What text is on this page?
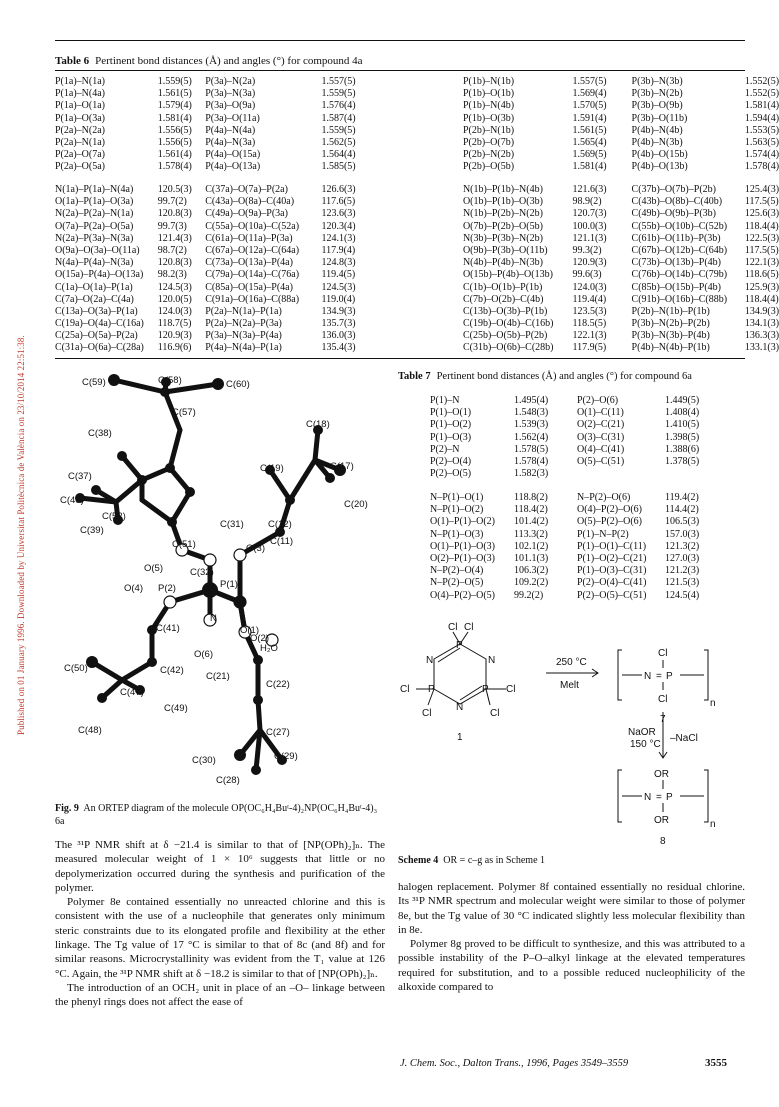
Published on 01 January 1996. Downloaded by Universitat Politècnica de València on 23/10/2014 22:51:38.
Table 6 Pertinent bond distances (Å) and angles (°) for compound 4a
P(1a)–N(1a)	1.559(5) P(3a)–N(2a)	1.557(5)	P(1b)–N(1b)	1.557(5) P(3b)–N(3b)	1.552(5)
P(1a)–N(4a)	1.561(5) P(3a)–N(3a)	1.559(5)	P(1b)–O(1b)	1.569(4) P(3b)–N(2b)	1.552(5)
P(1a)–O(1a)	1.579(4) P(3a)–O(9a)	1.576(4)	P(1b)–N(4b)	1.570(5) P(3b)–O(9b)	1.581(4)
P(1a)–O(3a)	1.581(4) P(3a)–O(11a)	1.587(4)	P(1b)–O(3b)	1.591(4) P(3b)–O(11b)	1.594(4)
P(2a)–N(2a)	1.556(5) P(4a)–N(4a)	1.559(5)	P(2b)–N(1b)	1.561(5) P(4b)–N(4b)	1.553(5)
P(2a)–N(1a)	1.556(5) P(4a)–N(3a)	1.562(5)	P(2b)–O(7b)	1.565(4) P(4b)–N(3b)	1.563(5)
P(2a)–O(7a)	1.561(4) P(4a)–O(15a)	1.564(4)	P(2b)–N(2b)	1.569(5) P(4b)–O(15b)	1.574(4)
P(2a)–O(5a)	1.578(4) P(4a)–O(13a)	1.585(5)	P(2b)–O(5b)	1.581(4) P(4b)–O(13b)	1.578(4)
N(1a)–P(1a)–N(4a) 120.5(3) C(37a)–O(7a)–P(2a)	126.6(3)	N(1b)–P(1b)–N(4b)	121.6(3) C(37b)–O(7b)–P(2b)	125.4(3)
O(1a)–P(1a)–O(3a) 99.7(2) C(43a)–O(8a)–C(40a)	117.6(5)	O(1b)–P(1b)–O(3b)	98.9(2)	C(43b)–O(8b)–C(40b) 117.5(5)
N(2a)–P(2a)–N(1a) 120.8(3) C(49a)–O(9a)–P(3a)	123.6(3)	N(1b)–P(2b)–N(2b)	120.7(3) C(49b)–O(9b)–P(3b)	125.6(3)
O(7a)–P(2a)–O(5a) 99.7(3) C(55a)–O(10a)–C(52a) 120.3(4)	O(7b)–P(2b)–O(5b)	100.0(3) C(55b)–O(10b)–C(52b) 118.4(4)
N(2a)–P(3a)–N(3a) 121.4(3) C(61a)–O(11a)–P(3a)	124.1(3)	N(3b)–P(3b)–N(2b)	121.1(3) C(61b)–O(11b)–P(3b) 122.5(3)
O(9a)–O(3a)–O(11a) 98.7(2) C(67a)–O(12a)–C(64a) 117.9(4)	O(9b)–P(3b)–O(11b) 99.3(2)	C(67b)–O(12b)–C(64b) 117.5(5)
N(4a)–P(4a)–N(3a) 120.8(3) C(73a)–O(13a)–P(4a)	124.8(3)	N(4b)–P(4b)–N(3b)	120.9(3) C(73b)–O(13b)–P(4b) 122.1(3)
O(15a)–P(4a)–O(13a) 98.2(3) C(79a)–O(14a)–C(76a) 119.4(5)	O(15b)–P(4b)–O(13b) 99.6(3)	C(76b)–O(14b)–C(79b) 118.6(5)
C(1a)–O(1a)–P(1a) 124.5(3) C(85a)–O(15a)–P(4a)	124.5(3)	C(1b)–O(1b)–P(1b)	124.0(3) C(85b)–O(15b)–P(4b) 125.9(3)
C(7a)–O(2a)–C(4a) 120.0(5) C(91a)–O(16a)–C(88a) 119.0(4)	C(7b)–O(2b)–C(4b)	119.4(4)	C(91b)–O(16b)–C(88b) 118.4(4)
C(13a)–O(3a)–P(1a) 124.0(3) P(2a)–N(1a)–P(1a)	134.9(3)	C(13b)–O(3b)–P(1b)	123.5(3) P(2b)–N(1b)–P(1b)	134.9(3)
C(19a)–O(4a)–C(16a) 118.7(5) P(2a)–N(2a)–P(3a)	135.7(3)	C(19b)–O(4b)–C(16b) 118.5(5)	P(3b)–N(2b)–P(2b)	134.1(3)
C(25a)–O(5a)–P(2a) 120.9(3) P(3a)–N(3a)–P(4a)	136.0(3)	C(25b)–O(5b)–P(2b)	122.1(3) P(3b)–N(3b)–P(4b)	136.3(3)
C(31a)–O(6a)–C(28a) 116.9(6) P(4a)–N(4a)–P(1a)	135.4(3)	C(31b)–O(6b)–C(28b) 117.9(5)	P(4b)–N(4b)–P(1b)	133.1(3)
C(59)	C(58)	C(60)
C(57)
C(38)
C(18)
C(19)	C(17)
C(37)
C(40)
C(52)
C(20)
C(39)
C(31)	C(12)
C(51)	C(11)
O(3)
O(5)	C(32)
P(1)
O(4) P(2)
N
O(1)
C(41)
O(2)
O(6)
H₂O
C(50)	C(42)
C(21)
C(22)
C(47)
C(49)
C(48)	C(27)
C(30)	C(29)
C(28)
Table 7 Pertinent bond distances (Å) and angles (°) for compound 6a
P(1)–N	1.495(4)	P(2)–O(6)	1.449(5)
P(1)–O(1)	1.548(3)	O(1)–C(11)	1.408(4)
P(1)–O(2)	1.539(3)	O(2)–C(21)	1.410(5)
P(1)–O(3)	1.562(4)	O(3)–C(31)	1.398(5)
P(2)–N	1.578(5)	O(4)–C(41)	1.388(6)
P(2)–O(4)	1.578(4)	O(5)–C(51)	1.378(5)
P(2)–O(5)	1.582(3)
N–P(1)–O(1)	118.8(2)	N–P(2)–O(6)	119.4(2)
N–P(1)–O(2)	118.4(2)	O(4)–P(2)–O(6) 114.4(2)
O(1)–P(1)–O(2) 101.4(2)	O(5)–P(2)–O(6) 106.5(3)
N–P(1)–O(3)	113.3(2)	P(1)–N–P(2)	157.0(3)
O(1)–P(1)–O(3) 102.1(2)	P(1)–O(1)–C(11) 121.3(2)
O(2)–P(1)–O(3) 101.1(3)	P(1)–O(2)–C(21) 127.0(3)
N–P(2)–O(4)	106.3(2)	P(1)–O(3)–C(31) 121.2(3)
N–P(2)–O(5)	109.2(2)	P(2)–O(4)–C(41) 121.5(3)
O(4)–P(2)–O(5) 99.2(2)	P(2)–O(5)–C(51) 124.5(4)
Cl Cl
P
N	N
Cl P	P Cl
N
Cl	Cl
1
250 °C
Melt
Cl
N = P
Cl	n
7
NaOR
150 °C
–NaCl
OR
N = P
OR	n
8
Scheme 4 OR = c–g as in Scheme 1
Fig. 9 An ORTEP diagram of the molecule OP(OC₆H₄Buᵗ-4)₂NP(OC₆H₄Buᵗ-4)₃ 6a

The ³¹P NMR shift at δ −21.4 is similar to that of [NP(OPh)₂]ₙ. The measured molecular weight of 1 × 10⁶ suggests that little or no depolymerization occurred during the synthesis and purification of the polymer.

Polymer 8e contained essentially no unreacted chlorine and this is consistent with the use of a nucleophile that generates only minimum steric constraints due to its elongated profile and flexibility at the ether linkage. The Tg value of 17 °C is similar to that of 8c (and 8f) and for similar reasons. Microcrystallinity was evident from the T₁ value at 126 °C. Again, the ³¹P NMR shift at δ −18.2 is similar to that of [NP(OPh)₂]ₙ.

The introduction of an OCH₂ unit in place of an –O– linkage between the phenyl rings does not affect the ease of

halogen replacement. Polymer 8f contained essentially no residual chlorine. Its ³¹P NMR spectrum and molecular weight were similar to those of polymer 8e, but the Tg value of 30 °C indicated slightly less molecular flexibility than in 8e.

Polymer 8g proved to be difficult to synthesize, and this was attributed to a possible instability of the P–O–alkyl linkage at the elevated temperatures required for substitution, and to a possible reduced nucleophilicity of the alkoxide compared to

J. Chem. Soc., Dalton Trans., 1996, Pages 3549–3559	3555
